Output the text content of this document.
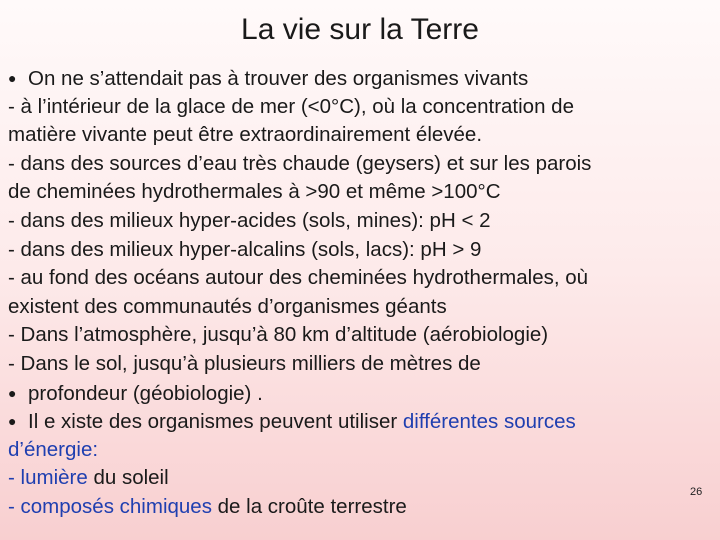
La vie sur la Terre
● On ne s’attendait pas à trouver des organismes vivants
- à l’intérieur de la glace de mer (<0°C), où la concentration de
matière vivante peut être extraordinairement élevée.
- dans des sources d’eau très chaude (geysers) et sur les parois
de cheminées hydrothermales à >90 et même >100°C
- dans des milieux hyper-acides (sols, mines): pH < 2
- dans des milieux hyper-alcalins (sols, lacs): pH > 9
- au fond des océans autour des cheminées hydrothermales, où
existent des communautés d’organismes géants
- Dans l’atmosphère, jusqu’à 80 km d’altitude (aérobiologie)
- Dans le sol, jusqu’à plusieurs milliers de mètres de
● profondeur (géobiologie) .
● Il e xiste des organismes peuvent utiliser différentes sources
d’énergie:
- lumière du soleil
- composés chimiques de la croûte terrestre
26
